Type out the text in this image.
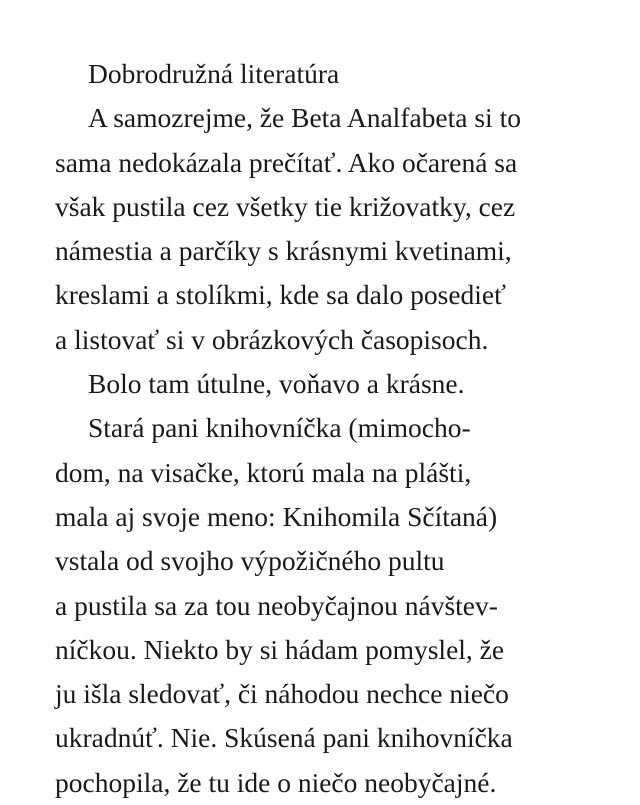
Dobrodružná literatúra
A samozrejme, že Beta Analfabeta si to
sama nedokázala prečítať. Ako očarená sa
však pustila cez všetky tie križovatky, cez
námestia a parčíky s krásnymi kvetinami,
kreslami a stolíkmi, kde sa dalo posedieť
a listovať si v obrázkových časopisoch.
Bolo tam útulne, voňavo a krásne.
Stará pani knihovníčka (mimocho-
dom, na visačke, ktorú mala na plášti,
mala aj svoje meno: Knihomila Sčítaná)
vstala od svojho výpožičného pultu
a pustila sa za tou neobyčajnou návštev-
níčkou. Niekto by si hádam pomyslel, že
ju išla sledovať, či náhodou nechce niečo
ukradnúť. Nie. Skúsená pani knihovníčka
pochopila, že tu ide o niečo neobyčajné.
